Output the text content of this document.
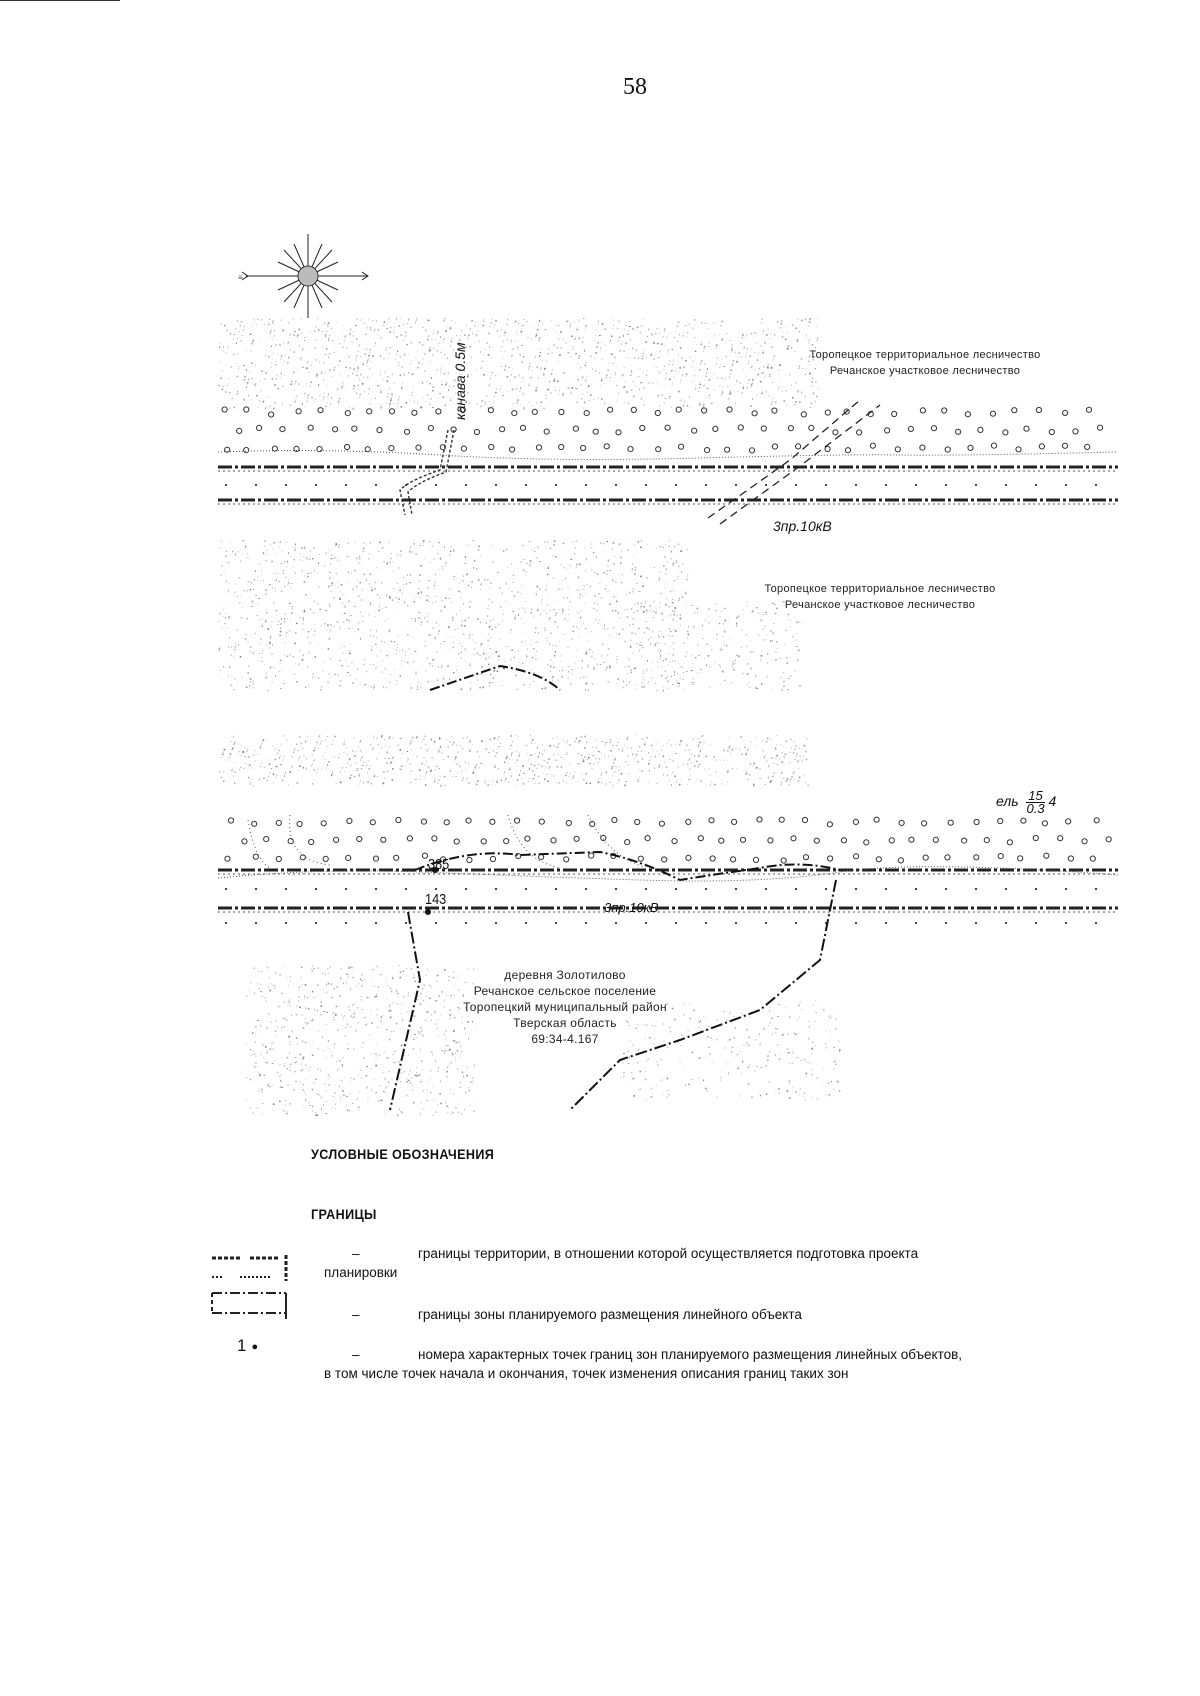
58
≡
Торопецкое территориальное лесничество
Речанское участковое лесничество
канава 0.5м
3пр.10кВ
Торопецкое территориальное лесничество
Речанское участковое лесничество
ель $\frac{15}{0.3} 4$
385
143	3пр.10кВ
деревня Золотилово
Речанское сельское поселение
Торопецкий муниципальный район
Тверская область
69:34-4.167
УСЛОВНЫЕ ОБОЗНАЧЕНИЯ
ГРАНИЦЫ
–	границы территории, в отношении которой осуществляется подготовка проекта
планировки
–	границы зоны планируемого размещения линейного объекта
1 ●
–	номера характерных точек границ зон планируемого размещения линейных объектов,
в том числе точек начала и окончания, точек изменения описания границ таких зон
